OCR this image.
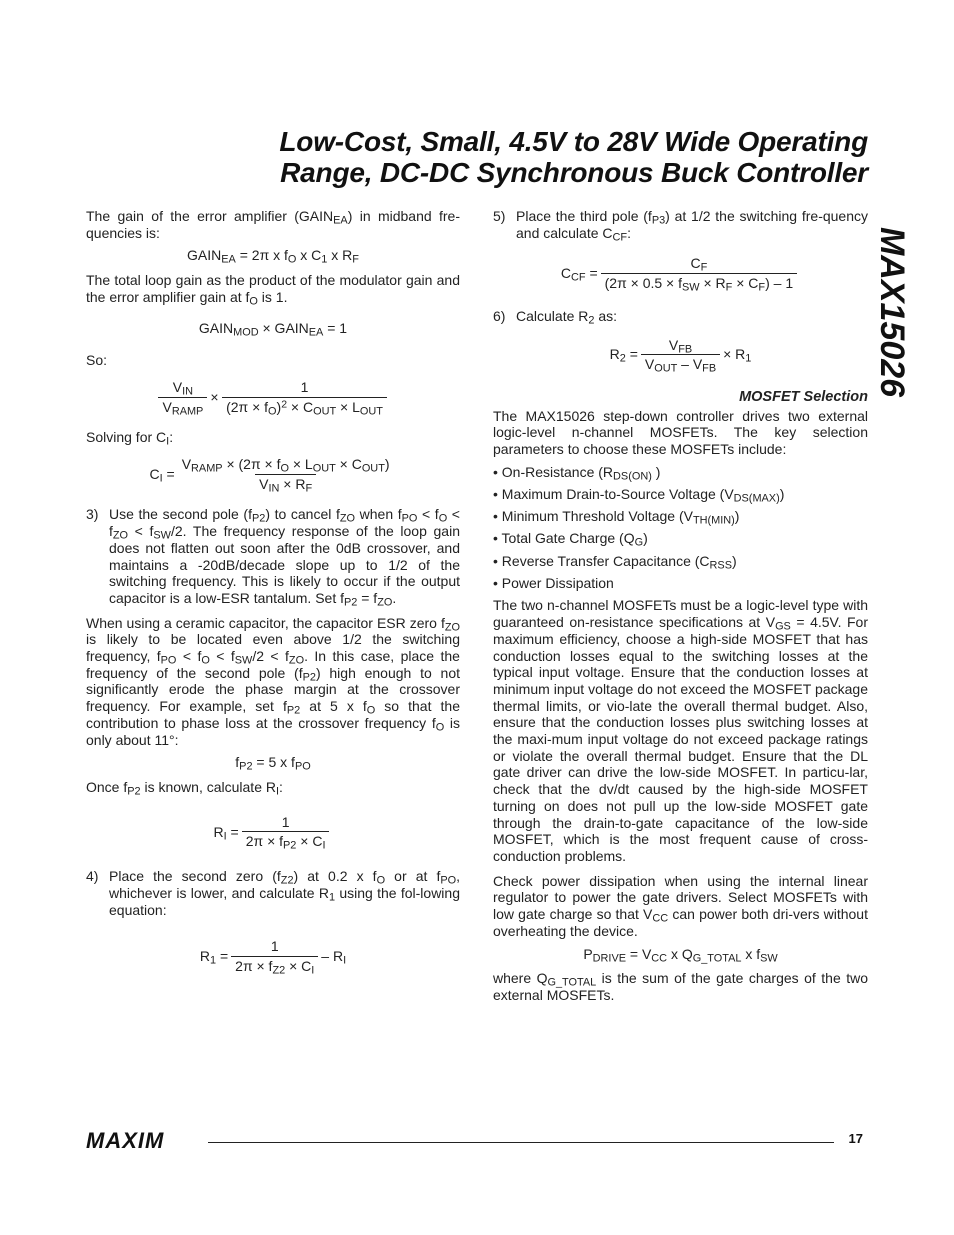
Low-Cost, Small, 4.5V to 28V Wide Operating
Range, DC-DC Synchronous Buck Controller
MAX15026

The gain of the error amplifier $(GAIN_{EA})$ in midband fre-quencies is:

$GAIN_{EA} = 2\pi$ x $f_O$ x $C_1$ x $R_F$

The total loop gain as the product of the modulator gain and the error amplifier gain at $f_O$ is 1.

$GAIN_{MOD}$ × $GAIN_{EA} = 1$

So:

$\frac{V_{IN}}{V_{RAMP}} \times \frac{1}{(2\pi \times f_O)^2 \times C_{OUT} \times L_{OUT}}$

Solving for $C_I$:

$C_I = \frac{V_{RAMP} \times (2\pi \times f_O \times L_{OUT} \times C_{OUT})}{V_{IN} \times R_F}$
3) Use the second pole $(f_{P2})$ to cancel $f_{ZO}$ when $f_{PO} < f_O < f_{ZO} < f_{SW}/2$. The frequency response of the loop gain does not flatten out soon after the 0dB crossover, and maintains a -20dB/decade slope up to 1/2 of the switching frequency. This is likely to occur if the output capacitor is a low-ESR tantalum. Set $f_{P2} = f_{ZO}$.

When using a ceramic capacitor, the capacitor ESR zero $f_{ZO}$ is likely to be located even above 1/2 the switching frequency, $f_{PO} < f_O < f_{SW}/2 < f_{ZO}$. In this case, place the frequency of the second pole $(f_{P2})$ high enough to not significantly erode the phase margin at the crossover frequency. For example, set $f_{P2}$ at 5 x $f_O$ so that the contribution to phase loss at the crossover frequency $f_O$ is only about 11°:

$f_{P2} = 5$ x $f_{PO}$

Once $f_{P2}$ is known, calculate $R_I$:

$R_I = \frac{1}{2\pi \times f_{P2} \times C_I}$
4) Place the second zero $(f_{Z2})$ at 0.2 x $f_O$ or at $f_{PO}$, whichever is lower, and calculate $R_1$ using the fol-lowing equation:
$R_1 = \frac{1}{2\pi \times f_{Z2} \times C_I} - R_I$
5) Place the third pole $(f_{P3})$ at 1/2 the switching fre-quency and calculate $C_{CF}$:
$C_{CF} = \frac{C_F}{(2\pi \times 0.5 \times f_{SW} \times R_F \times C_F) - 1}$
6) Calculate $R_2$ as:
$R_2 = \frac{V_{FB}}{V_{OUT} - V_{FB}} \times R_1$
MOSFET Selection

The MAX15026 step-down controller drives two external logic-level n-channel MOSFETs. The key selection parameters to choose these MOSFETs include:

• On-Resistance ($R_{DS(ON)}$ )
• Maximum Drain-to-Source Voltage $(V_{DS(MAX)})$
• Minimum Threshold Voltage $(V_{TH(MIN)})$
• Total Gate Charge $(Q_G)$
• Reverse Transfer Capacitance $(C_{RSS})$
• Power Dissipation

The two n-channel MOSFETs must be a logic-level type with guaranteed on-resistance specifications at $V_{GS} = 4.5V$. For maximum efficiency, choose a high-side MOSFET that has conduction losses equal to the switching losses at the typical input voltage. Ensure that the conduction losses at minimum input voltage do not exceed the MOSFET package thermal limits, or vio-late the overall thermal budget. Also, ensure that the conduction losses plus switching losses at the maxi-mum input voltage do not exceed package ratings or violate the overall thermal budget. Ensure that the DL gate driver can drive the low-side MOSFET. In particu-lar, check that the dv/dt caused by the high-side MOSFET turning on does not pull up the low-side MOSFET gate through the drain-to-gate capacitance of the low-side MOSFET, which is the most frequent cause of cross-conduction problems.

Check power dissipation when using the internal linear regulator to power the gate drivers. Select MOSFETs with low gate charge so that $V_{CC}$ can power both dri-vers without overheating the device.

$P_{DRIVE} = V_{CC}$ x $Q_{G\_TOTAL}$ x $f_{SW}$

where $Q_{G\_TOTAL}$ is the sum of the gate charges of the two external MOSFETs.

MAXIM	17
